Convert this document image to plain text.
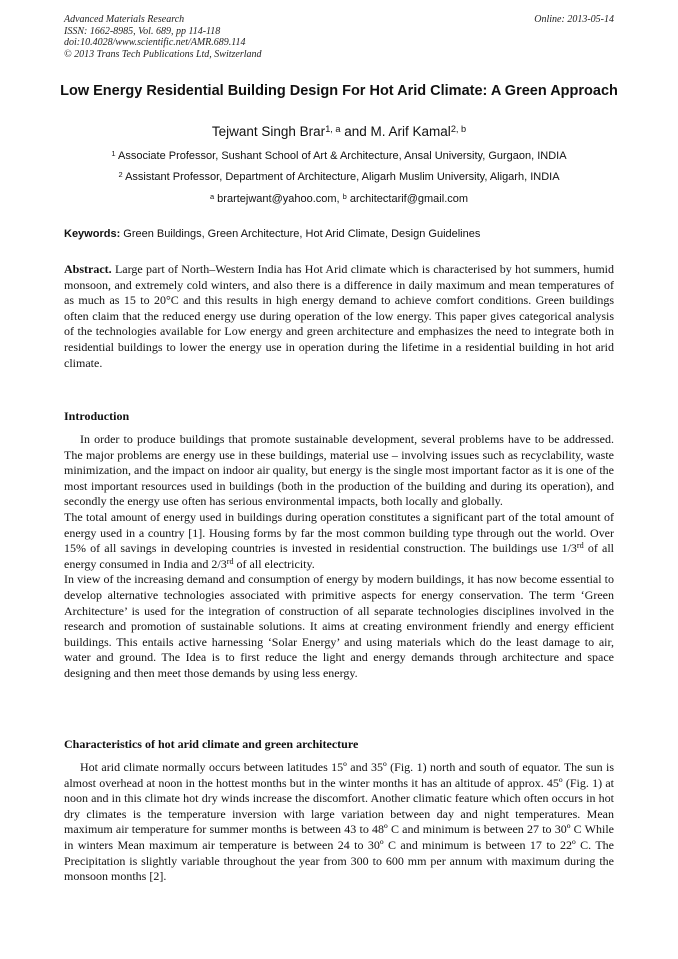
Advanced Materials Research
ISSN: 1662-8985, Vol. 689, pp 114-118
doi:10.4028/www.scientific.net/AMR.689.114
© 2013 Trans Tech Publications Ltd, Switzerland
Online: 2013-05-14
Low Energy Residential Building Design For Hot Arid Climate: A Green Approach
Tejwant Singh Brar$^{1, a}$ and M. Arif Kamal$^{2, b}$
$^1$ Associate Professor, Sushant School of Art & Architecture, Ansal University, Gurgaon, INDIA
$^2$ Assistant Professor, Department of Architecture, Aligarh Muslim University, Aligarh, INDIA
$^a$ brartejwant@yahoo.com, $^b$ architectarif@gmail.com
Keywords: Green Buildings, Green Architecture, Hot Arid Climate, Design Guidelines

Abstract. Large part of North–Western India has Hot Arid climate which is characterised by hot summers, humid monsoon, and extremely cold winters, and also there is a difference in daily maximum and mean temperatures of as much as 15 to 20°C and this results in high energy demand to achieve comfort conditions. Green buildings often claim that the reduced energy use during operation of the low energy. This paper gives categorical analysis of the technologies available for Low energy and green architecture and emphasizes the need to integrate both in residential buildings to lower the energy use in operation during the lifetime in a residential building in hot arid climate.

Introduction

In order to produce buildings that promote sustainable development, several problems have to be addressed. The major problems are energy use in these buildings, material use – involving issues such as recyclability, waste minimization, and the impact on indoor air quality, but energy is the single most important factor as it is one of the most important resources used in buildings (both in the production of the building and during its operation), and secondly the energy use often has serious environmental impacts, both locally and globally.

The total amount of energy used in buildings during operation constitutes a significant part of the total amount of energy used in a country [1]. Housing forms by far the most common building type through out the world. Over 15% of all savings in developing countries is invested in residential construction. The buildings use 1/3rd of all energy consumed in India and 2/3rd of all electricity.

In view of the increasing demand and consumption of energy by modern buildings, it has now become essential to develop alternative technologies associated with primitive aspects for energy conservation. The term ‘Green Architecture’ is used for the integration of construction of all separate technologies disciplines involved in the research and promotion of sustainable solutions. It aims at creating environment friendly and energy efficient buildings. This entails active harnessing ‘Solar Energy’ and using materials which do the least damage to air, water and ground. The Idea is to first reduce the light and energy demands through architecture and space designing and then meet those demands by using less energy.

Characteristics of hot arid climate and green architecture

Hot arid climate normally occurs between latitudes 15º and 35º (Fig. 1) north and south of equator. The sun is almost overhead at noon in the hottest months but in the winter months it has an altitude of approx. 45º (Fig. 1) at noon and in this climate hot dry winds increase the discomfort. Another climatic feature which often occurs in hot dry climates is the temperature inversion with large variation between day and night temperatures. Mean maximum air temperature for summer months is between 43 to 48º C and minimum is between 27 to 30º C While in winters Mean maximum air temperature is between 24 to 30º C and minimum is between 17 to 22º C. The Precipitation is slightly variable throughout the year from 300 to 600 mm per annum with maximum during the monsoon months [2].
